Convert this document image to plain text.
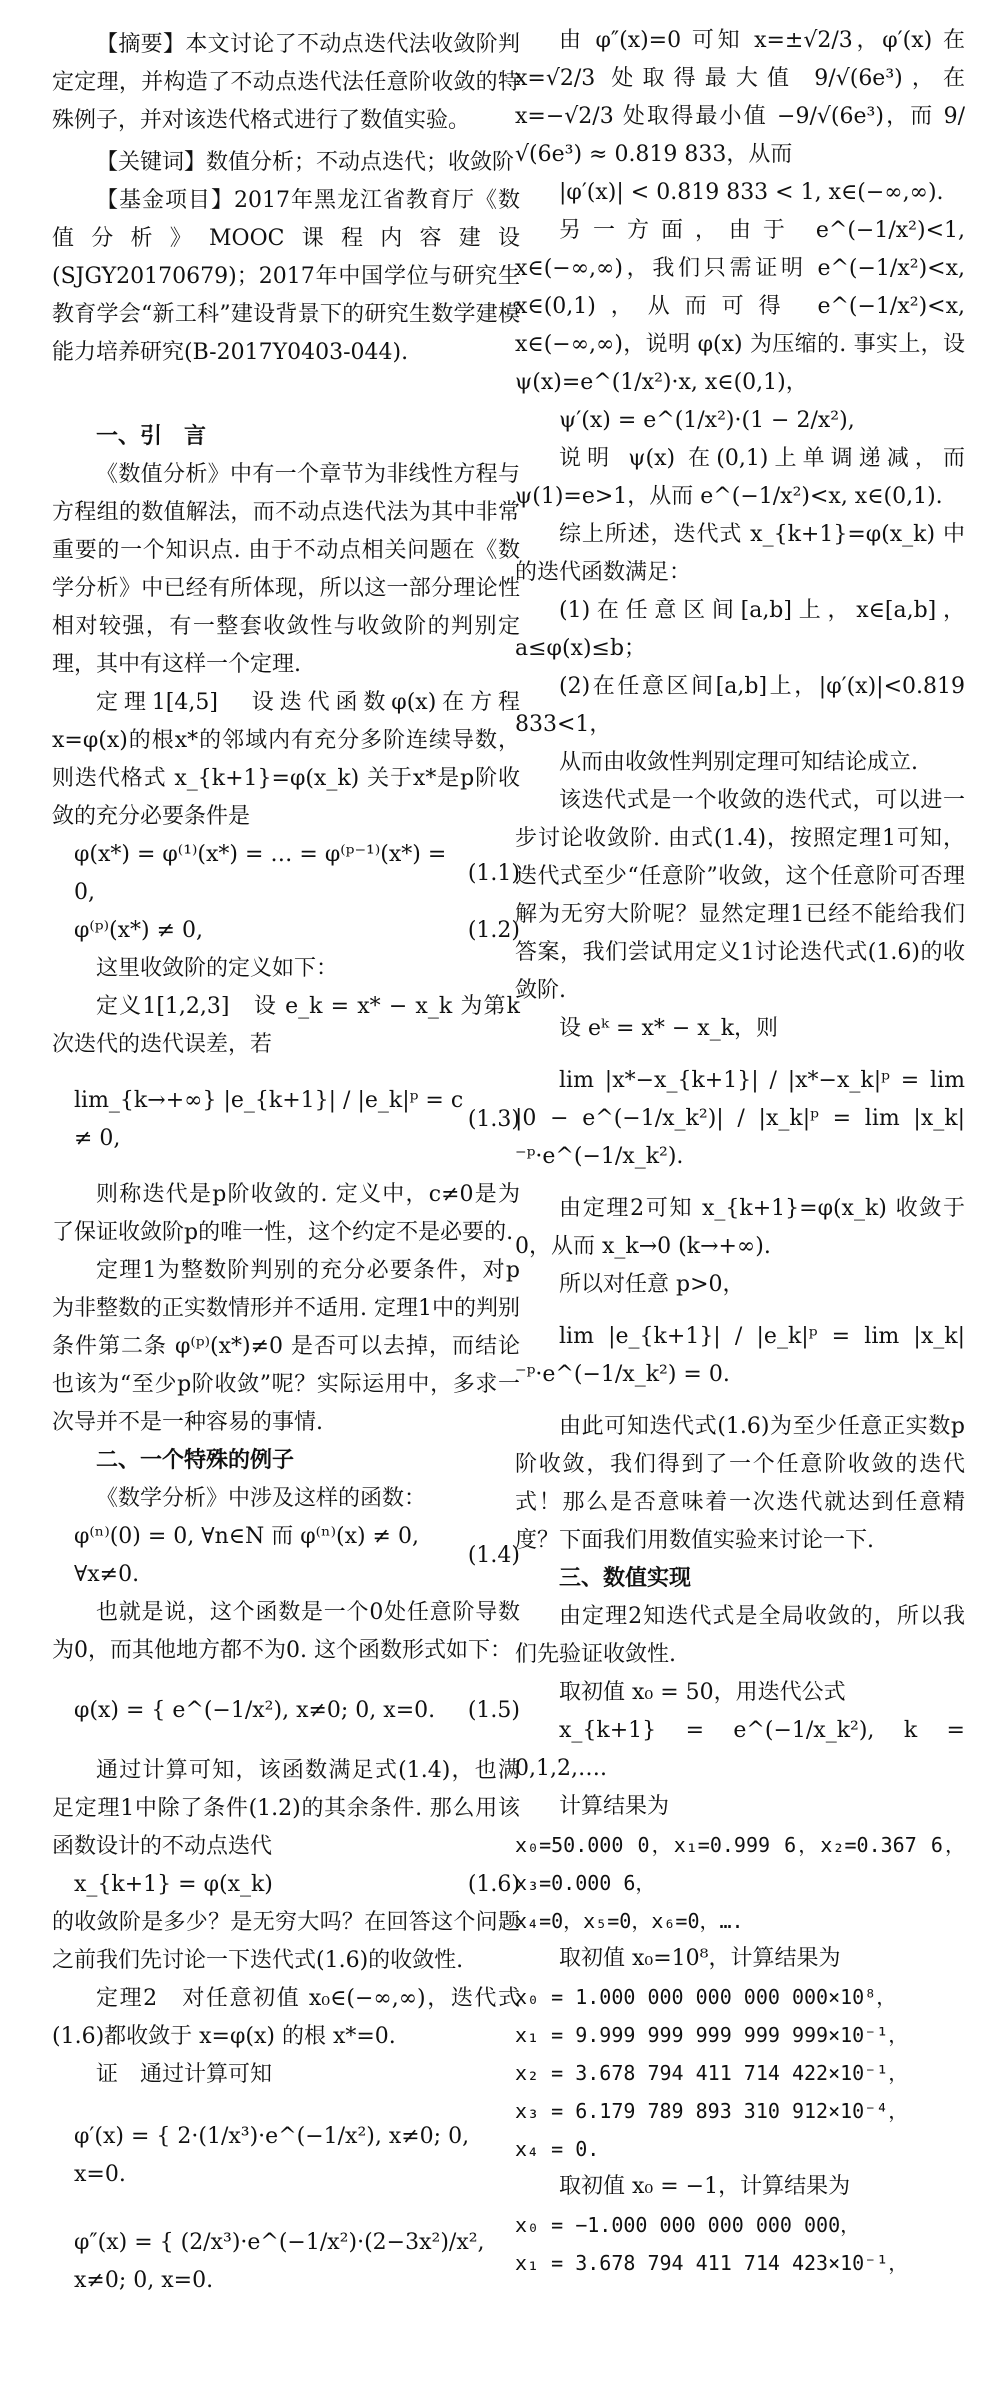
【摘要】本文讨论了不动点迭代法收敛阶判定定理，并构造了不动点迭代法任意阶收敛的特殊例子，并对该迭代格式进行了数值实验。

【关键词】数值分析；不动点迭代；收敛阶

【基金项目】2017年黑龙江省教育厅《数值分析》MOOC课程内容建设(SJGY20170679)；2017年中国学位与研究生教育学会“新工科”建设背景下的研究生数学建模能力培养研究(B-2017Y0403-044).

一、引　言

《数值分析》中有一个章节为非线性方程与方程组的数值解法，而不动点迭代法为其中非常重要的一个知识点. 由于不动点相关问题在《数学分析》中已经有所体现，所以这一部分理论性相对较强，有一整套收敛性与收敛阶的判别定理，其中有这样一个定理.

定理1[4,5]　设迭代函数φ(x)在方程x=φ(x)的根x*的邻域内有充分多阶连续导数，则迭代格式 x_{k+1}=φ(x_k) 关于x*是p阶收敛的充分必要条件是

φ(x*) = φ⁽¹⁾(x*) = … = φ⁽ᵖ⁻¹⁾(x*) = 0,
(1.1)
φ⁽ᵖ⁾(x*) ≠ 0,	(1.2)

这里收敛阶的定义如下：

定义1[1,2,3]　设 e_k = x* − x_k 为第k次迭代的迭代误差，若

lim_{k→+∞} |e_{k+1}| / |e_k|ᵖ = c ≠ 0,
(1.3)

则称迭代是p阶收敛的. 定义中，c≠0是为了保证收敛阶p的唯一性，这个约定不是必要的.

定理1为整数阶判别的充分必要条件，对p为非整数的正实数情形并不适用. 定理1中的判别条件第二条 φ⁽ᵖ⁾(x*)≠0 是否可以去掉，而结论也该为“至少p阶收敛”呢？实际运用中，多求一次导并不是一种容易的事情.

二、一个特殊的例子

《数学分析》中涉及这样的函数：

φ⁽ⁿ⁾(0) = 0, ∀n∈N 而 φ⁽ⁿ⁾(x) ≠ 0, ∀x≠0.
(1.4)

也就是说，这个函数是一个0处任意阶导数为0，而其他地方都不为0. 这个函数形式如下：

φ(x) = { e^(−1/x²), x≠0; 0, x=0. (1.5)

通过计算可知，该函数满足式(1.4)，也满足定理1中除了条件(1.2)的其余条件. 那么用该函数设计的不动点迭代

x_{k+1} = φ(x_k)	(1.6)

的收敛阶是多少？是无穷大吗？在回答这个问题之前我们先讨论一下迭代式(1.6)的收敛性.

定理2　对任意初值 x₀∈(−∞,∞)，迭代式(1.6)都收敛于 x=φ(x) 的根 x*=0.

证　通过计算可知

φ′(x) = { 2·(1/x³)·e^(−1/x²), x≠0; 0, x=0.
φ″(x) = { (2/x³)·e^(−1/x²)·(2−3x²)/x², x≠0; 0, x=0.

由 φ″(x)=0 可知 x=±√2/3，φ′(x) 在 x=√2/3 处取得最大值 9/√(6e³)，在 x=−√2/3 处取得最小值 −9/√(6e³)，而 9/√(6e³) ≈ 0.819 833，从而

|φ′(x)| < 0.819 833 < 1, x∈(−∞,∞).

另一方面，由于 e^(−1/x²)<1, x∈(−∞,∞)，我们只需证明 e^(−1/x²)<x, x∈(0,1)，从而可得 e^(−1/x²)<x, x∈(−∞,∞)，说明 φ(x) 为压缩的. 事实上，设 ψ(x)=e^(1/x²)·x, x∈(0,1)，

ψ′(x) = e^(1/x²)·(1 − 2/x²),

说明 ψ(x) 在(0,1)上单调递减，而 ψ(1)=e>1，从而 e^(−1/x²)<x, x∈(0,1).

综上所述，迭代式 x_{k+1}=φ(x_k) 中的迭代函数满足：

(1)在任意区间[a,b]上，x∈[a,b]，a≤φ(x)≤b；

(2)在任意区间[a,b]上，|φ′(x)|<0.819 833<1，

从而由收敛性判别定理可知结论成立.

该迭代式是一个收敛的迭代式，可以进一步讨论收敛阶. 由式(1.4)，按照定理1可知，迭代式至少“任意阶”收敛，这个任意阶可否理解为无穷大阶呢？显然定理1已经不能给我们答案，我们尝试用定义1讨论迭代式(1.6)的收敛阶.

设 eᵏ = x* − x_k，则

lim |x*−x_{k+1}| / |x*−x_k|ᵖ = lim |0 − e^(−1/x_k²)| / |x_k|ᵖ = lim |x_k|⁻ᵖ·e^(−1/x_k²).

由定理2可知 x_{k+1}=φ(x_k) 收敛于0，从而 x_k→0 (k→+∞).

所以对任意 p>0，

lim |e_{k+1}| / |e_k|ᵖ = lim |x_k|⁻ᵖ·e^(−1/x_k²) = 0.

由此可知迭代式(1.6)为至少任意正实数p阶收敛，我们得到了一个任意阶收敛的迭代式！那么是否意味着一次迭代就达到任意精度？下面我们用数值实验来讨论一下.

三、数值实现

由定理2知迭代式是全局收敛的，所以我们先验证收敛性.

取初值 x₀ = 50，用迭代公式

x_{k+1} = e^(−1/x_k²), k = 0,1,2,….

计算结果为

x₀=50.000 0，x₁=0.999 6，x₂=0.367 6，x₃=0.000 6，

x₄=0，x₅=0，x₆=0，….

取初值 x₀=10⁸，计算结果为

x₀ = 1.000 000 000 000 000×10⁸，

x₁ = 9.999 999 999 999 999×10⁻¹，

x₂ = 3.678 794 411 714 422×10⁻¹，

x₃ = 6.179 789 893 310 912×10⁻⁴，

x₄ = 0.

取初值 x₀ = −1，计算结果为

x₀ = −1.000 000 000 000 000，

x₁ = 3.678 794 411 714 423×10⁻¹，
